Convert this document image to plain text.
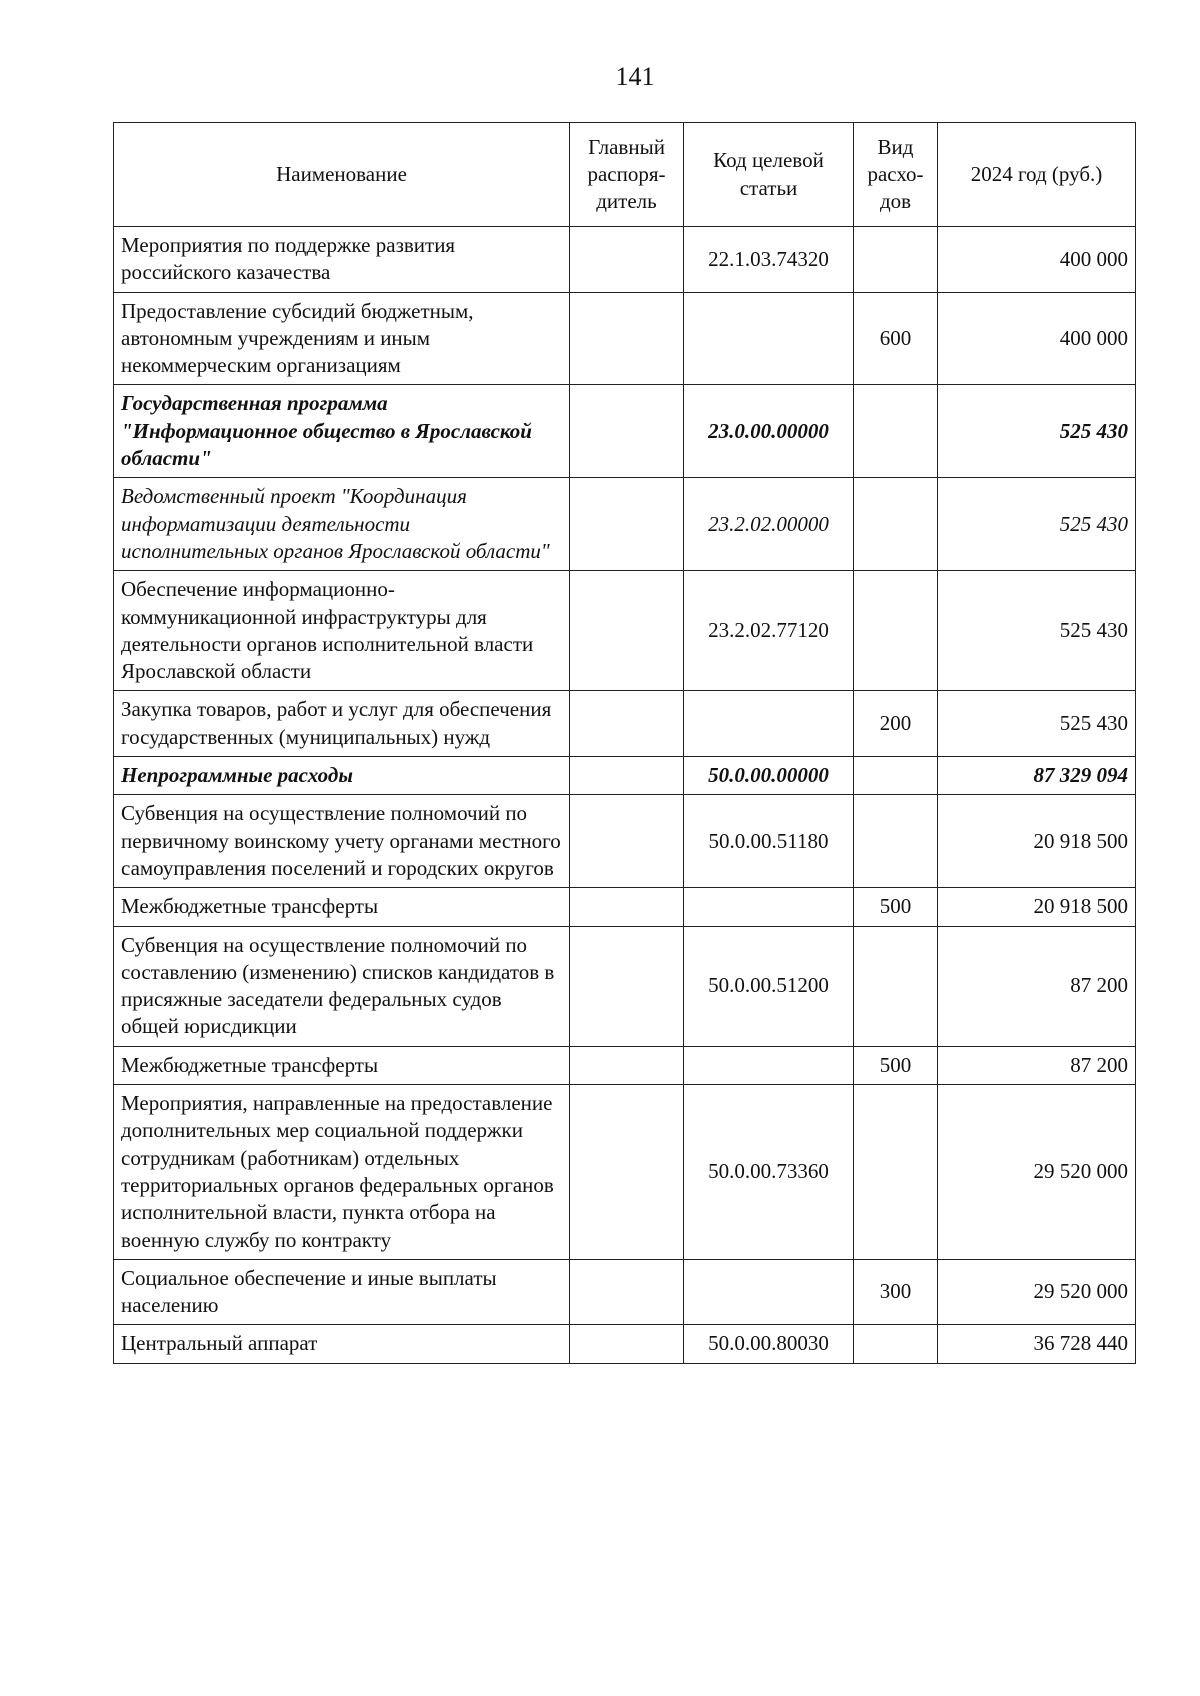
141
Наименование	Главный распоря-дитель	Код целевой статьи	Вид расхо-дов	2024 год (руб.)
Мероприятия по поддержке развития российского казачества		22.1.03.74320		400 000
Предоставление субсидий бюджетным, автономным учреждениям и иным некоммерческим организациям			600	400 000
Государственная программа "Информационное общество в Ярославской области"		23.0.00.00000		525 430
Ведомственный проект "Координация информатизации деятельности исполнительных органов Ярославской области"		23.2.02.00000		525 430
Обеспечение информационно-коммуникационной инфраструктуры для деятельности органов исполнительной власти Ярославской области		23.2.02.77120		525 430
Закупка товаров, работ и услуг для обеспечения государственных (муниципальных) нужд			200	525 430
Непрограммные расходы		50.0.00.00000		87 329 094
Субвенция на осуществление полномочий по первичному воинскому учету органами местного самоуправления поселений и городских округов		50.0.00.51180		20 918 500
Межбюджетные трансферты			500	20 918 500
Субвенция на осуществление полномочий по составлению (изменению) списков кандидатов в присяжные заседатели федеральных судов общей юрисдикции		50.0.00.51200		87 200
Межбюджетные трансферты			500	87 200
Мероприятия, направленные на предоставление дополнительных мер социальной поддержки сотрудникам (работникам) отдельных территориальных органов федеральных органов исполнительной власти, пункта отбора на военную службу по контракту		50.0.00.73360		29 520 000
Социальное обеспечение и иные выплаты населению			300	29 520 000
Центральный аппарат		50.0.00.80030		36 728 440
